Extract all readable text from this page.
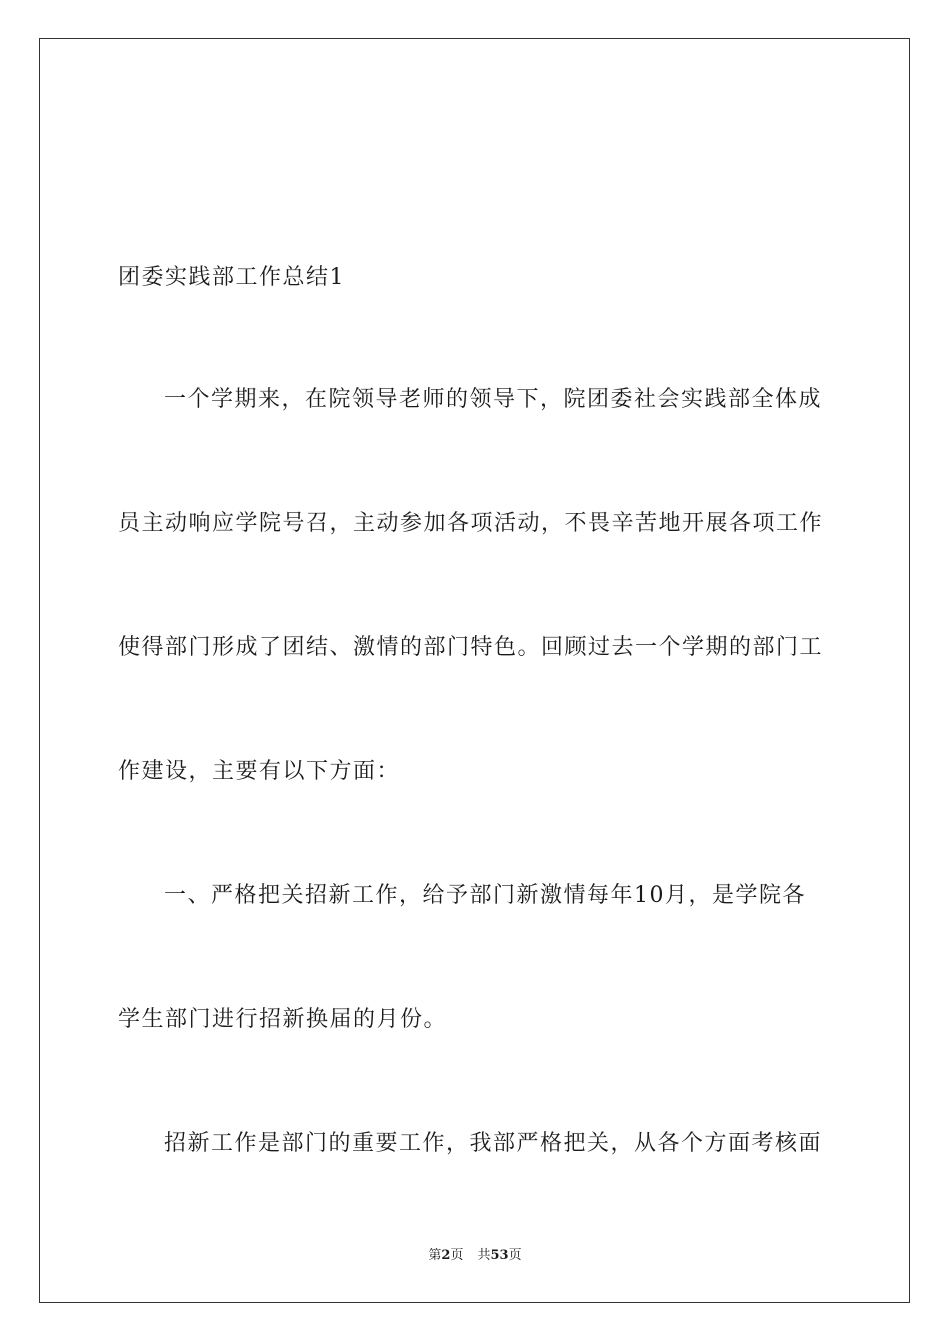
团委实践部工作总结1
一个学期来，在院领导老师的领导下，院团委社会实践部全体成
员主动响应学院号召，主动参加各项活动，不畏辛苦地开展各项工作
使得部门形成了团结、激情的部门特色。回顾过去一个学期的部门工
作建设，主要有以下方面：
一、严格把关招新工作，给予部门新激情每年10月，是学院各
学生部门进行招新换届的月份。
招新工作是部门的重要工作，我部严格把关，从各个方面考核面
第2页 共53页
